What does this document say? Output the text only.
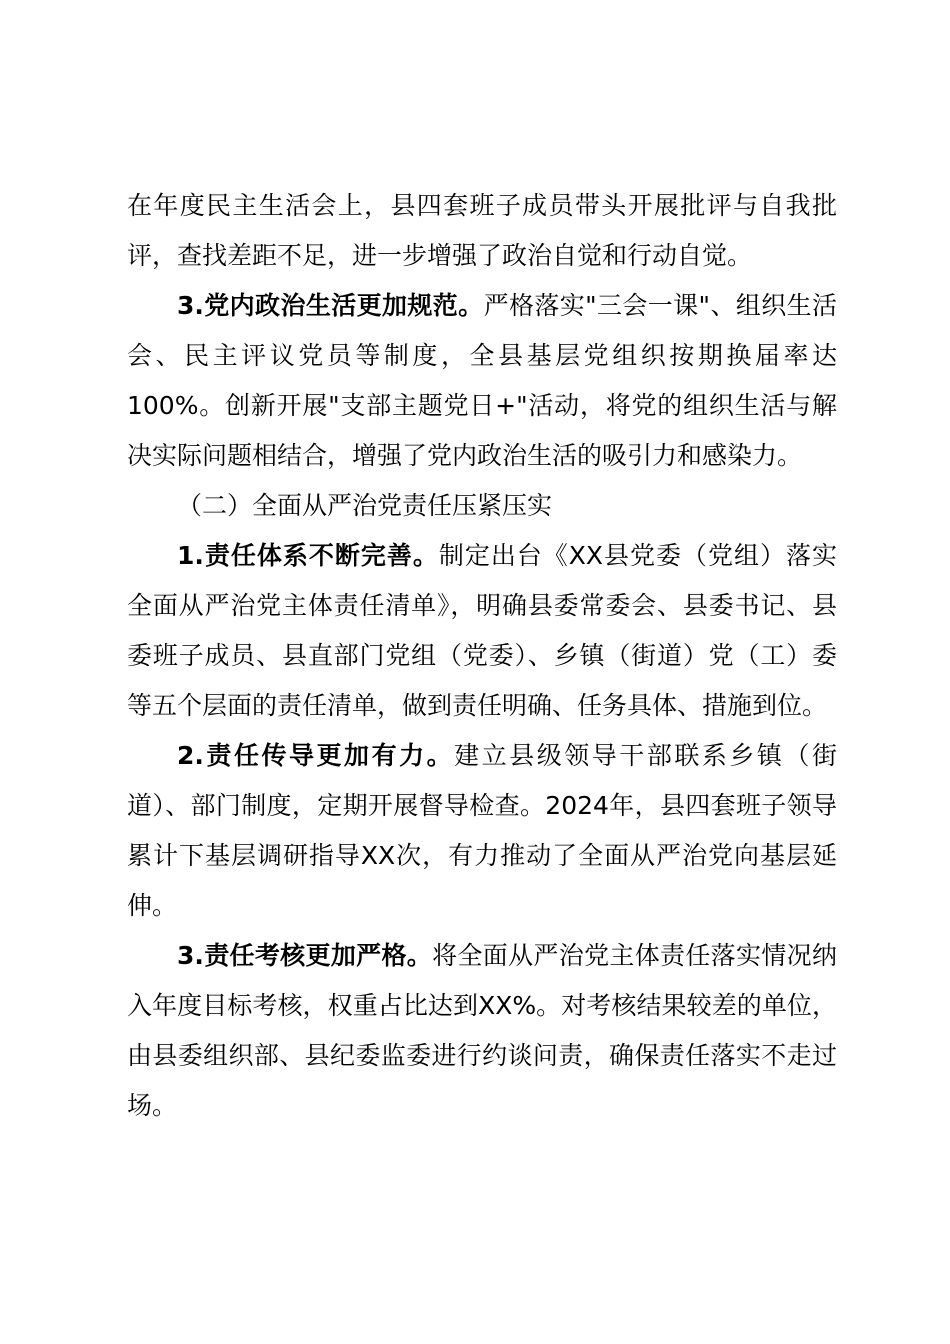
在年度民主生活会上，县四套班子成员带头开展批评与自我批评，查找差距不足，进一步增强了政治自觉和行动自觉。

3.党内政治生活更加规范。严格落实"三会一课"、组织生活会、民主评议党员等制度，全县基层党组织按期换届率达100%。创新开展"支部主题党日+"活动，将党的组织生活与解决实际问题相结合，增强了党内政治生活的吸引力和感染力。

（二）全面从严治党责任压紧压实

1.责任体系不断完善。制定出台《XX县党委（党组）落实全面从严治党主体责任清单》，明确县委常委会、县委书记、县委班子成员、县直部门党组（党委）、乡镇（街道）党（工）委等五个层面的责任清单，做到责任明确、任务具体、措施到位。

2.责任传导更加有力。建立县级领导干部联系乡镇（街道）、部门制度，定期开展督导检查。2024年，县四套班子领导累计下基层调研指导XX次，有力推动了全面从严治党向基层延伸。

3.责任考核更加严格。将全面从严治党主体责任落实情况纳入年度目标考核，权重占比达到XX%。对考核结果较差的单位，由县委组织部、县纪委监委进行约谈问责，确保责任落实不走过场。
